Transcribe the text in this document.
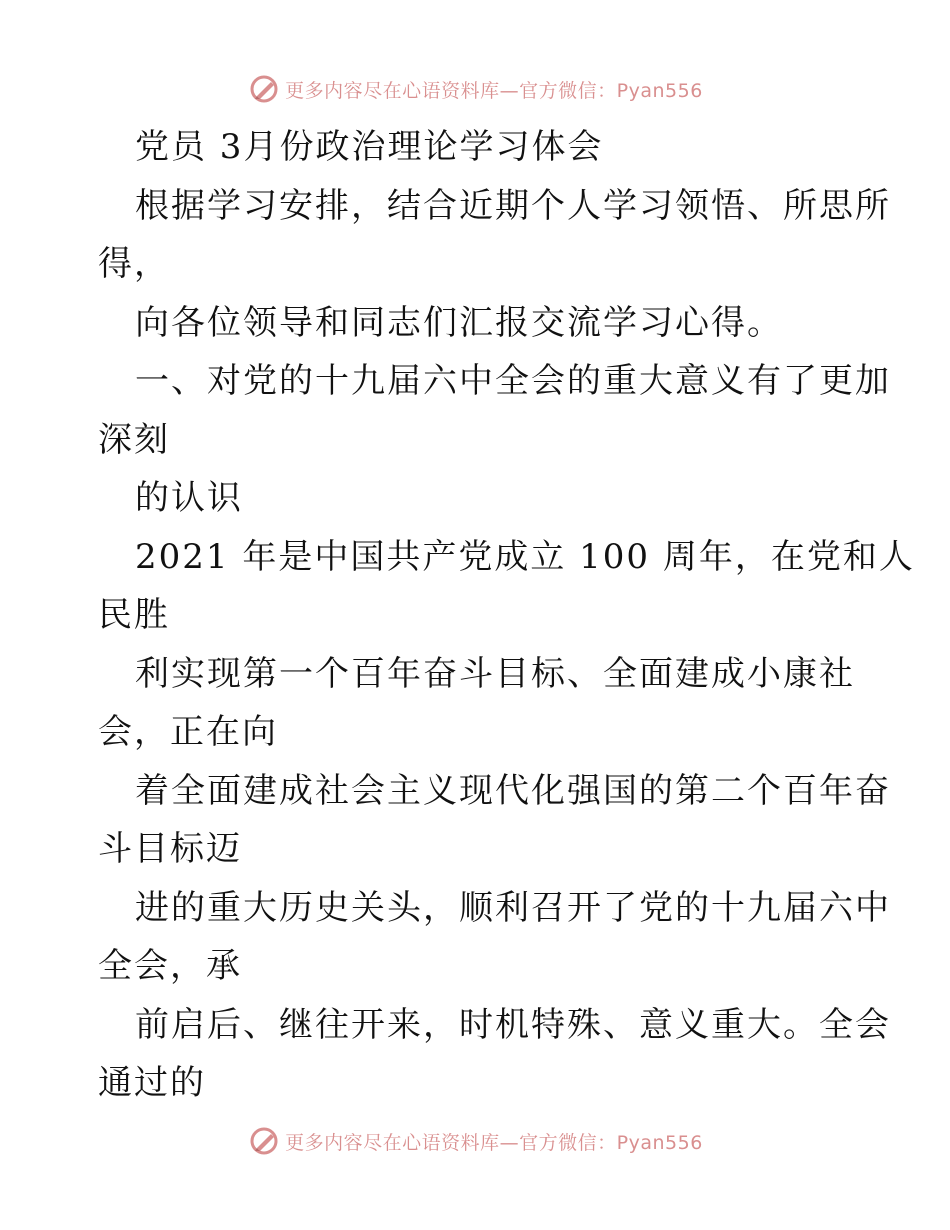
更多内容尽在心语资料库—官方微信：Pyan556
党员 3月份政治理论学习体会
根据学习安排，结合近期个人学习领悟、所思所
得，
向各位领导和同志们汇报交流学习心得。
一、对党的十九届六中全会的重大意义有了更加
深刻
的认识
2021 年是中国共产党成立 100 周年，在党和人
民胜
利实现第一个百年奋斗目标、全面建成小康社
会，正在向
着全面建成社会主义现代化强国的第二个百年奋
斗目标迈
进的重大历史关头，顺利召开了党的十九届六中
全会，承
前启后、继往开来，时机特殊、意义重大。全会
通过的
更多内容尽在心语资料库—官方微信：Pyan556
